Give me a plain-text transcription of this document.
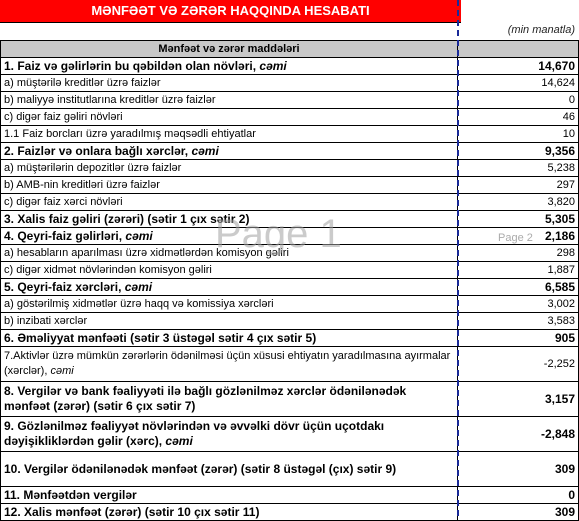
MƏNFƏƏT VƏ ZƏRƏR HAQQINDA HESABATI
(min manatla)
Mənfəət və zərər maddələri	
1. Faiz və gəlirlərin bu qəbildən olan növləri, cəmi	14,670
a) müştərilə kreditlər üzrə faizlər	14,624
b) maliyyə institutlarına kreditlər üzrə faizlər	0
c) digər faiz gəliri növləri	46
1.1 Faiz borcları üzrə yaradılmış məqsədli ehtiyatlar	10
2. Faizlər və onlara bağlı xərclər, cəmi	9,356
a) müştərilərin depozitlər üzrə faizlər	5,238
b) AMB-nin kreditləri üzrə faizlər	297
c) digər faiz xərci növləri	3,820
3. Xalis faiz gəliri (zərəri) (sətir 1 çıx sətir 2)	5,305
4. Qeyri-faiz gəlirləri, cəmi	2,186
a) hesabların aparılması üzrə xidmətlərdən komisyon gəliri	298
c) digər xidmət növlərindən komisyon gəliri	1,887
5. Qeyri-faiz xərcləri, cəmi	6,585
a) göstərilmiş xidmətlər üzrə haqq və komissiya xərcləri	3,002
b) inzibati xərclər	3,583
6. Əməliyyat mənfəəti (sətir 3 üstəgəl sətir 4 çıx sətir 5)	905
7.Aktivlər üzrə mümkün zərərlərin ödənilməsi üçün xüsusi ehtiyatın yaradılmasına ayırmalar (xərclər), cəmi	-2,252
8. Vergilər və bank fəaliyyəti ilə bağlı gözlənilməz xərclər ödənilənədək mənfəət (zərər) (sətir 6 çıx sətir 7)	3,157
9. Gözlənilməz fəaliyyət növlərindən və əvvəlki dövr üçün uçotdakı dəyişikliklərdən gəlir (xərc), cəmi	-2,848
10. Vergilər ödənilənədək mənfəət (zərər) (sətir 8 üstəgəl (çıx) sətir 9)	309
11. Mənfəətdən vergilər	0
12. Xalis mənfəət (zərər) (sətir 10 çıx sətir 11)	309
Page 1	Page 2
